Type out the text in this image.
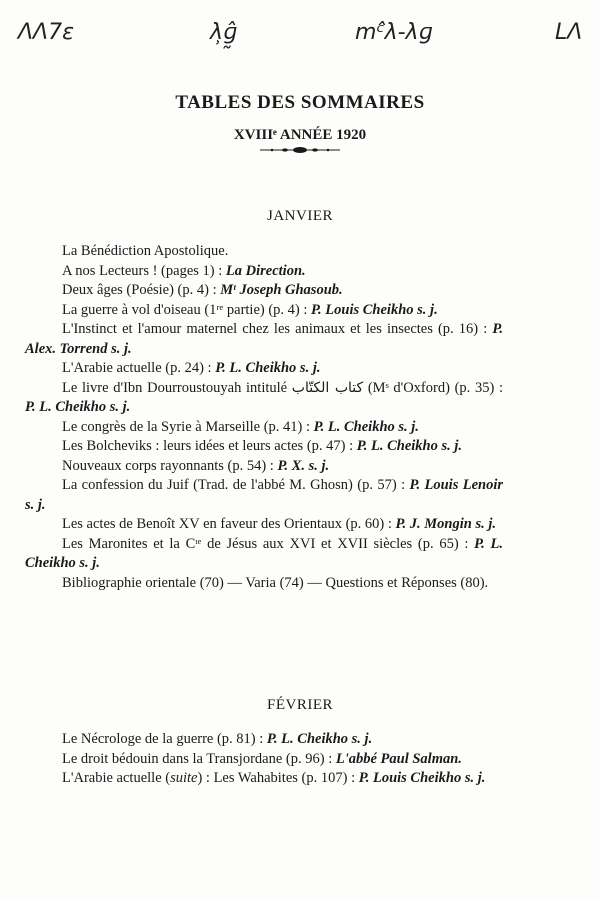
ΛΛ7ε	λ̹ɡ̰̂	mᶜ̂λ-λɡ	LΛ
TABLES DES SOMMAIRES
XVIIIᵉ ANNÉE 1920
JANVIER

La Bénédiction Apostolique.

A nos Lecteurs ! (pages 1) : La Direction.

Deux âges (Poésie) (p. 4) : Mᵗ Joseph Ghasoub.

La guerre à vol d'oiseau (1ʳᵉ partie) (p. 4) : P. Louis Cheikho s. j.

L'Instinct et l'amour maternel chez les animaux et les insectes (p. 16) : P. Alex. Torrend s. j.

L'Arabie actuelle (p. 24) : P. L. Cheikho s. j.

Le livre d'Ibn Dourroustouyah intitulé كتاب الكتّاب (Mˢ d'Oxford) (p. 35) : P. L. Cheikho s. j.

Le congrès de la Syrie à Marseille (p. 41) : P. L. Cheikho s. j.

Les Bolcheviks : leurs idées et leurs actes (p. 47) : P. L. Cheikho s. j.

Nouveaux corps rayonnants (p. 54) : P. X. s. j.

La confession du Juif (Trad. de l'abbé M. Ghosn) (p. 57) : P. Louis Lenoir s. j.

Les actes de Benoît XV en faveur des Orientaux (p. 60) : P. J. Mongin s. j.

Les Maronites et la Cᶦᵉ de Jésus aux XVI et XVII siècles (p. 65) : P. L. Cheikho s. j.

Bibliographie orientale (70) — Varia (74) — Questions et Réponses (80).

FÉVRIER

Le Nécrologe de la guerre (p. 81) : P. L. Cheikho s. j.

Le droit bédouin dans la Transjordane (p. 96) : L'abbé Paul Salman.

L'Arabie actuelle (suite) : Les Wahabites (p. 107) : P. Louis Cheikho s. j.
